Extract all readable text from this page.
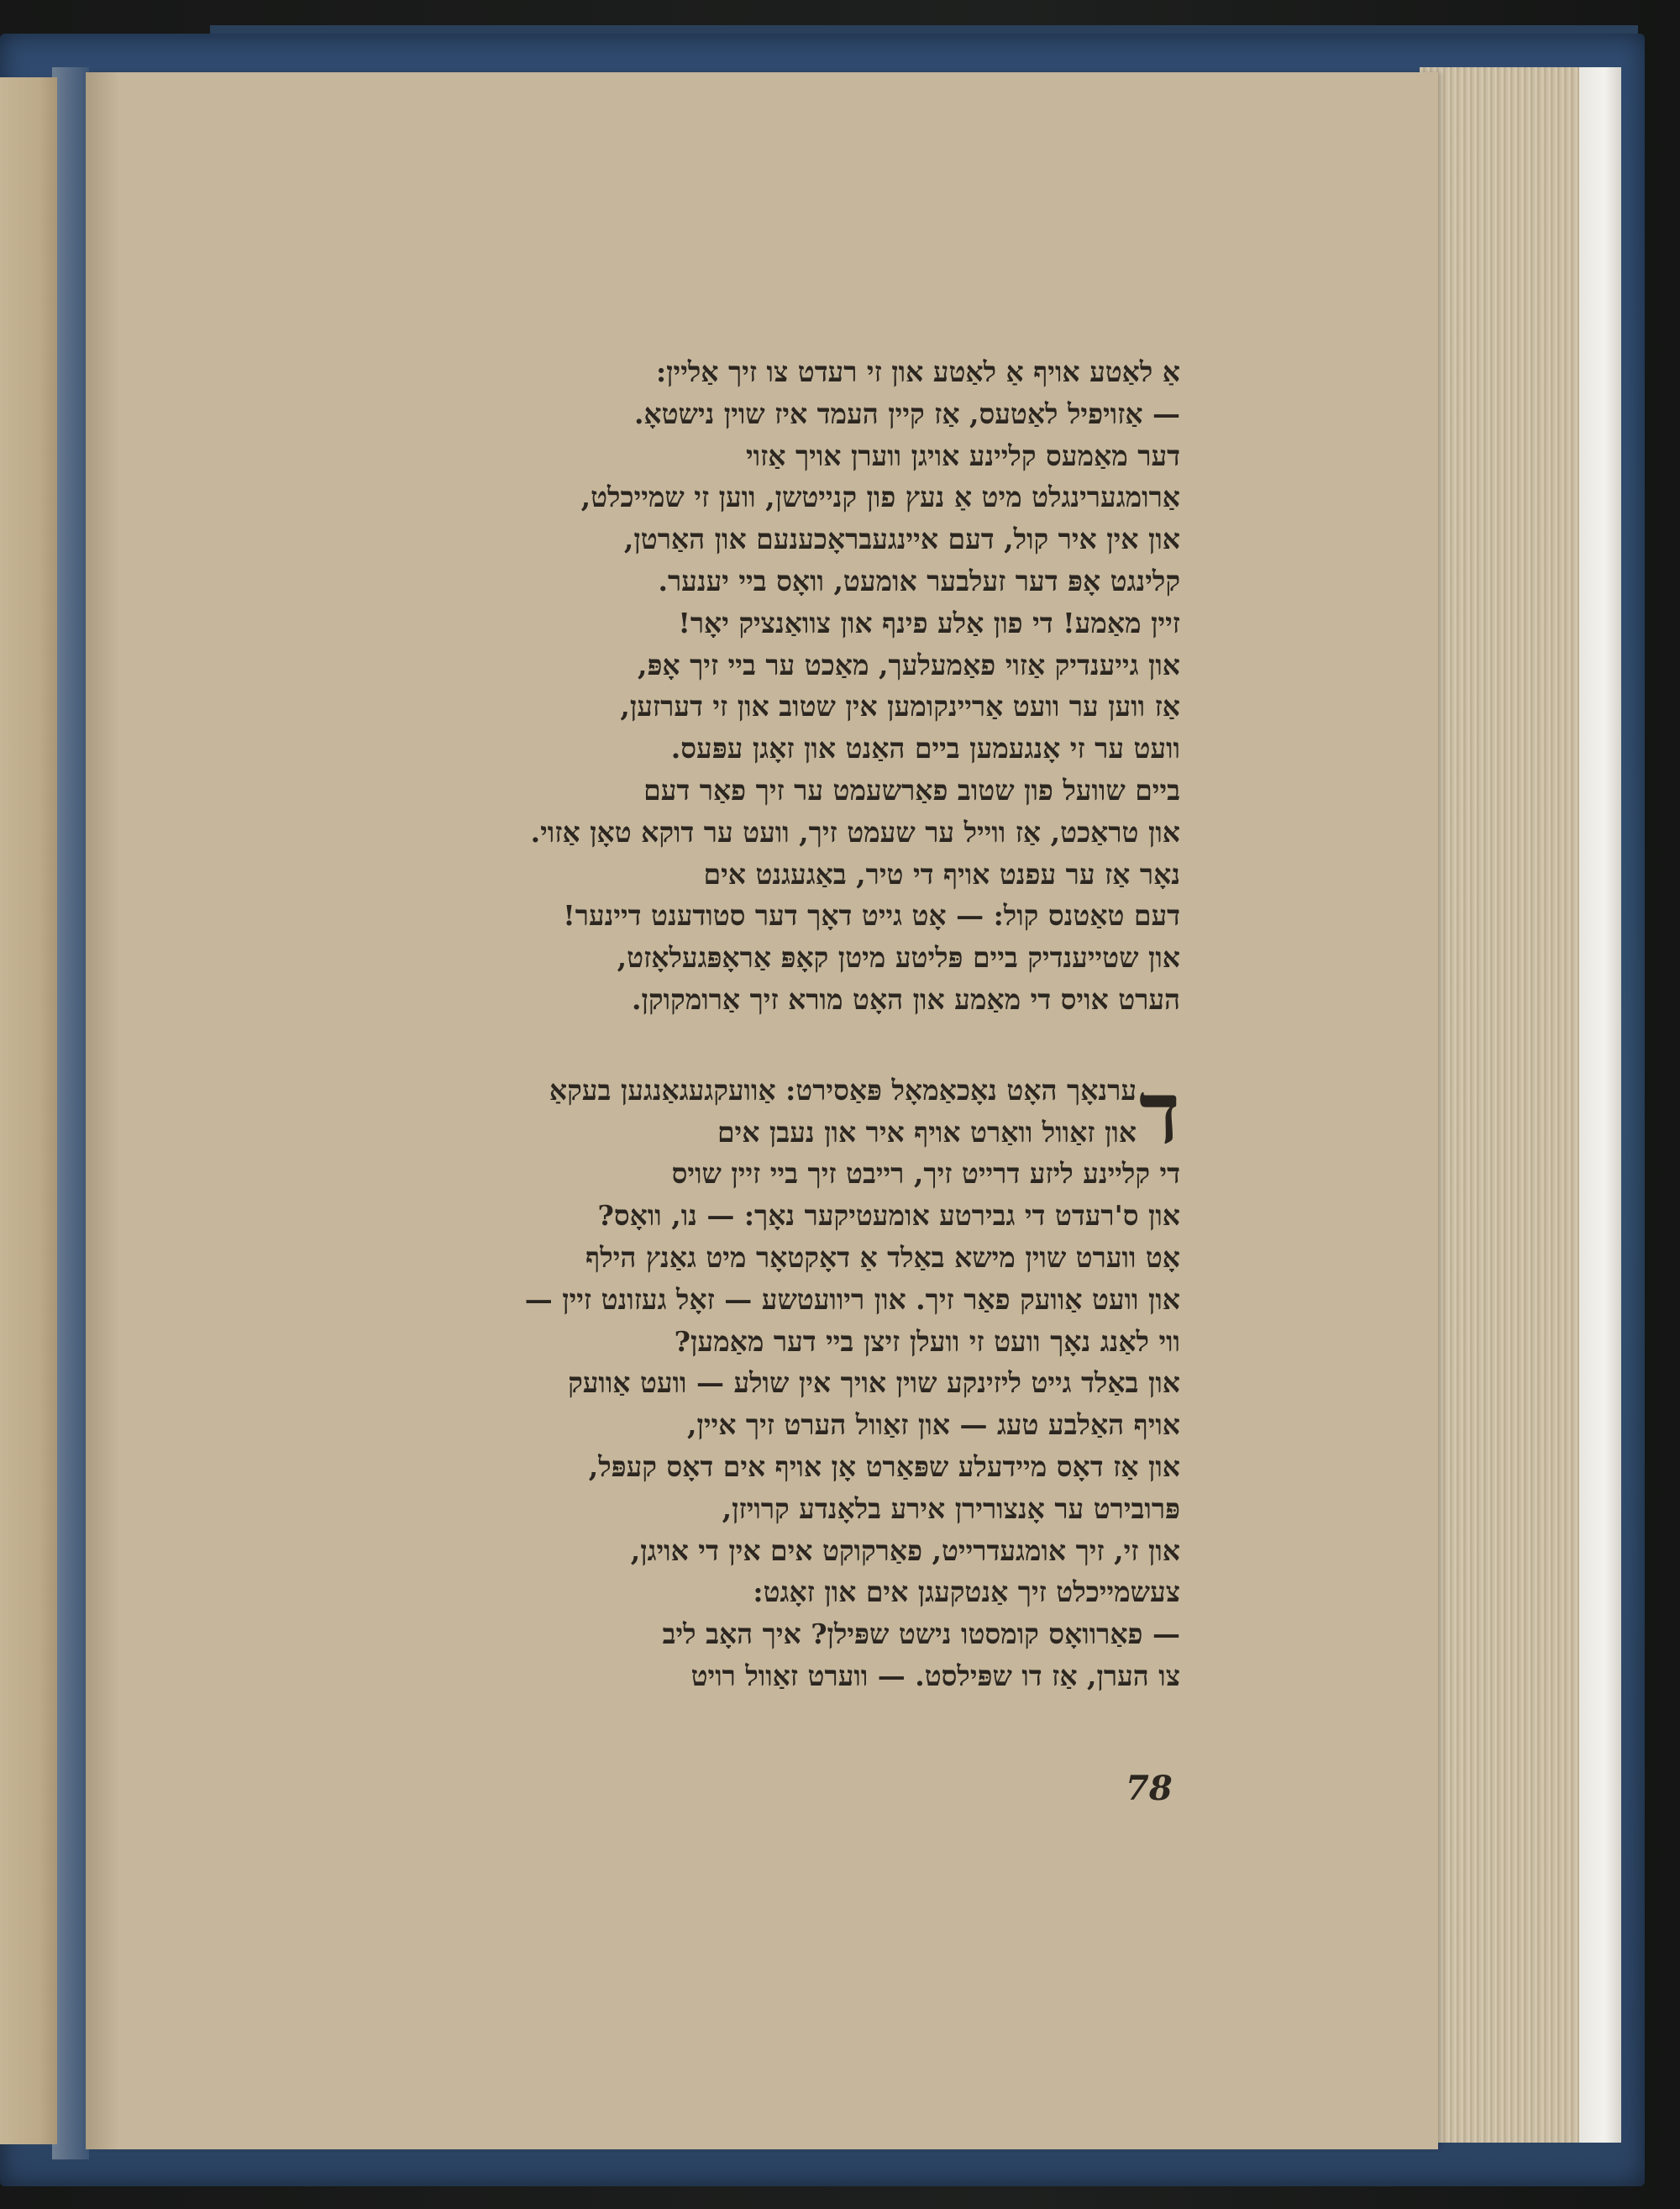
אַ לאַטע אויף אַ לאַטע און זי רעדט צו זיך אַליין:
— אַזויפיל לאַטעס, אַז קיין העמד איז שוין נישטאָ.
דער מאַמעס קליינע אויגן ווערן אויך אַזוי
אַרומגערינגלט מיט אַ נעץ פון קנייטשן, ווען זי שמייכלט,
און אין איר קול, דעם איינגעבראָכענעם און האַרטן,
קלינגט אָפּ דער זעלבער אומעט, וואָס ביי יענער.
זיין מאַמע! די פון אַלע פינף און צוואַנציק יאָר!
און גייענדיק אַזוי פאַמעלעך, מאַכט ער ביי זיך אָפּ,
אַז ווען ער וועט אַריינקומען אין שטוב און זי דערזען,
וועט ער זי אָנגעמען ביים האַנט און זאָגן עפּעס.
ביים שוועל פון שטוב פאַרשעמט ער זיך פאַר דעם
און טראַכט, אַז ווייל ער שעמט זיך, וועט ער דוקא טאָן אַזוי.
נאָר אַז ער עפנט אויף די טיר, באַגעגנט אים
דעם טאַטנס קול: — אָט גייט דאָך דער סטודענט דיינער!
און שטייענדיק ביים פּליטע מיטן קאָפּ אַראָפּגעלאָזט,
הערט אויס די מאַמע און האָט מורא זיך אַרומקוקן.
ד
ערנאָך האָט נאָכאַמאָל פּאַסירט: אַוועקגעגאַנגען בעקאַ
און זאַוול וואַרט אויף איר און נעבן אים
די קליינע ליזע דרייט זיך, רייבט זיך ביי זיין שויס
און ס'רעדט די גבירטע אומעטיקער נאָך: — נו, וואָס?
אָט ווערט שוין מישא באַלד אַ דאָקטאָר מיט גאַנץ הילף
און וועט אַוועק פאַר זיך. און ריוועטשע — זאָל געזונט זיין —
ווי לאַנג נאָך וועט זי וועלן זיצן ביי דער מאַמען?
און באַלד גייט ליזינקע שוין אויך אין שולע — וועט אַוועק
אויף האַלבע טעג — און זאַוול הערט זיך איין,
און אַז דאָס מיידעלע שפּאַרט אָן אויף אים דאָס קעפּל,
פּרובירט ער אָנצורירן אירע בלאָנדע קרויזן,
און זי, זיך אומגעדרייט, פאַרקוקט אים אין די אויגן,
צעשמייכלט זיך אַנטקעגן אים און זאָגט:
— פאַרוואָס קומסטו נישט שפּילן? איך האָב ליב
צו הערן, אַז דו שפּילסט. — ווערט זאַוול רויט
78
